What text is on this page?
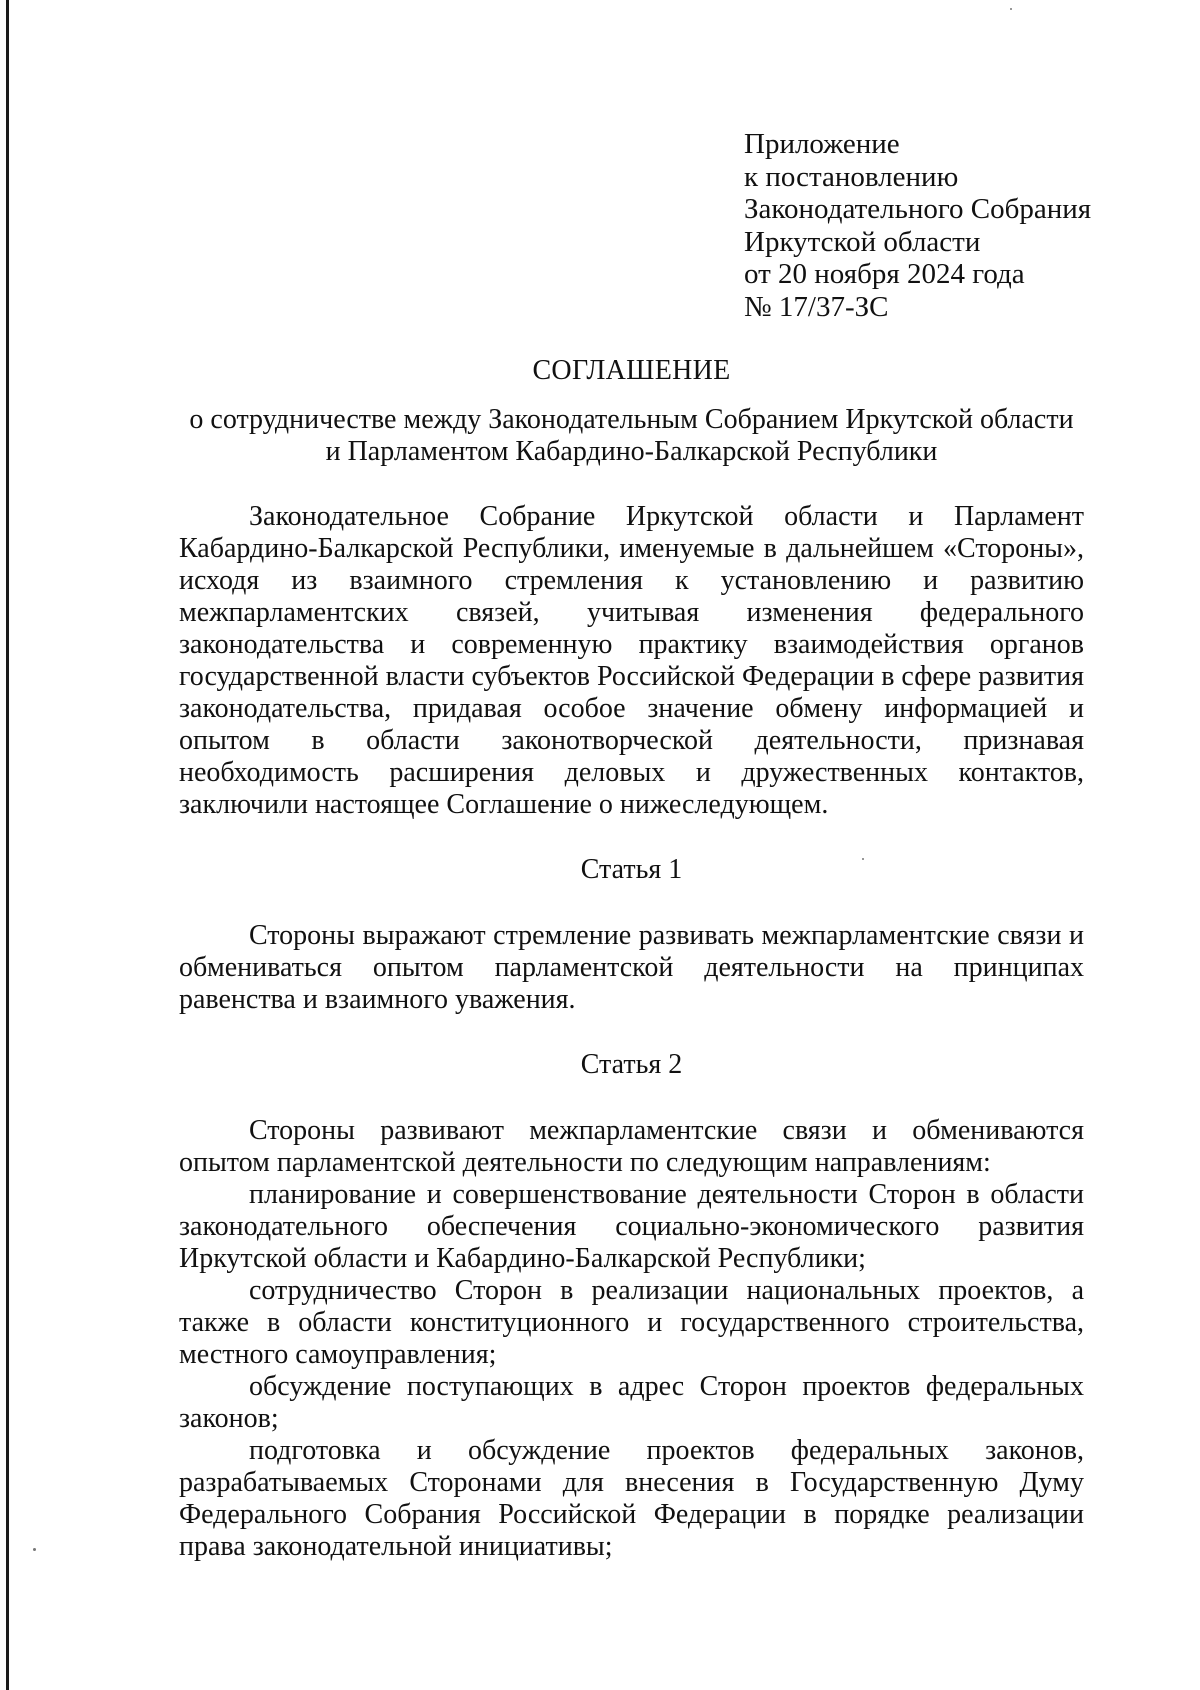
Приложение
к постановлению
Законодательного Собрания
Иркутской области
от 20 ноября 2024 года
№ 17/37-ЗС
СОГЛАШЕНИЕ
о сотрудничестве между Законодательным Собранием Иркутской области
и Парламентом Кабардино-Балкарской Республики

Законодательное Собрание Иркутской области и Парламент Кабардино-Балкарской Республики, именуемые в дальнейшем «Стороны», исходя из взаимного стремления к установлению и развитию межпарламентских связей, учитывая изменения федерального законодательства и современную практику взаимодействия органов государственной власти субъектов Российской Федерации в сфере развития законодательства, придавая особое значение обмену информацией и опытом в области законотворческой деятельности, признавая необходимость расширения деловых и дружественных контактов, заключили настоящее Соглашение о нижеследующем.

Статья 1

Стороны выражают стремление развивать межпарламентские связи и обмениваться опытом парламентской деятельности на принципах равенства и взаимного уважения.

Статья 2

Стороны развивают межпарламентские связи и обмениваются опытом парламентской деятельности по следующим направлениям:

планирование и совершенствование деятельности Сторон в области законодательного обеспечения социально-экономического развития Иркутской области и Кабардино-Балкарской Республики;

сотрудничество Сторон в реализации национальных проектов, а также в области конституционного и государственного строительства, местного самоуправления;

обсуждение поступающих в адрес Сторон проектов федеральных законов;

подготовка и обсуждение проектов федеральных законов, разрабатываемых Сторонами для внесения в Государственную Думу Федерального Собрания Российской Федерации в порядке реализации права законодательной инициативы;
